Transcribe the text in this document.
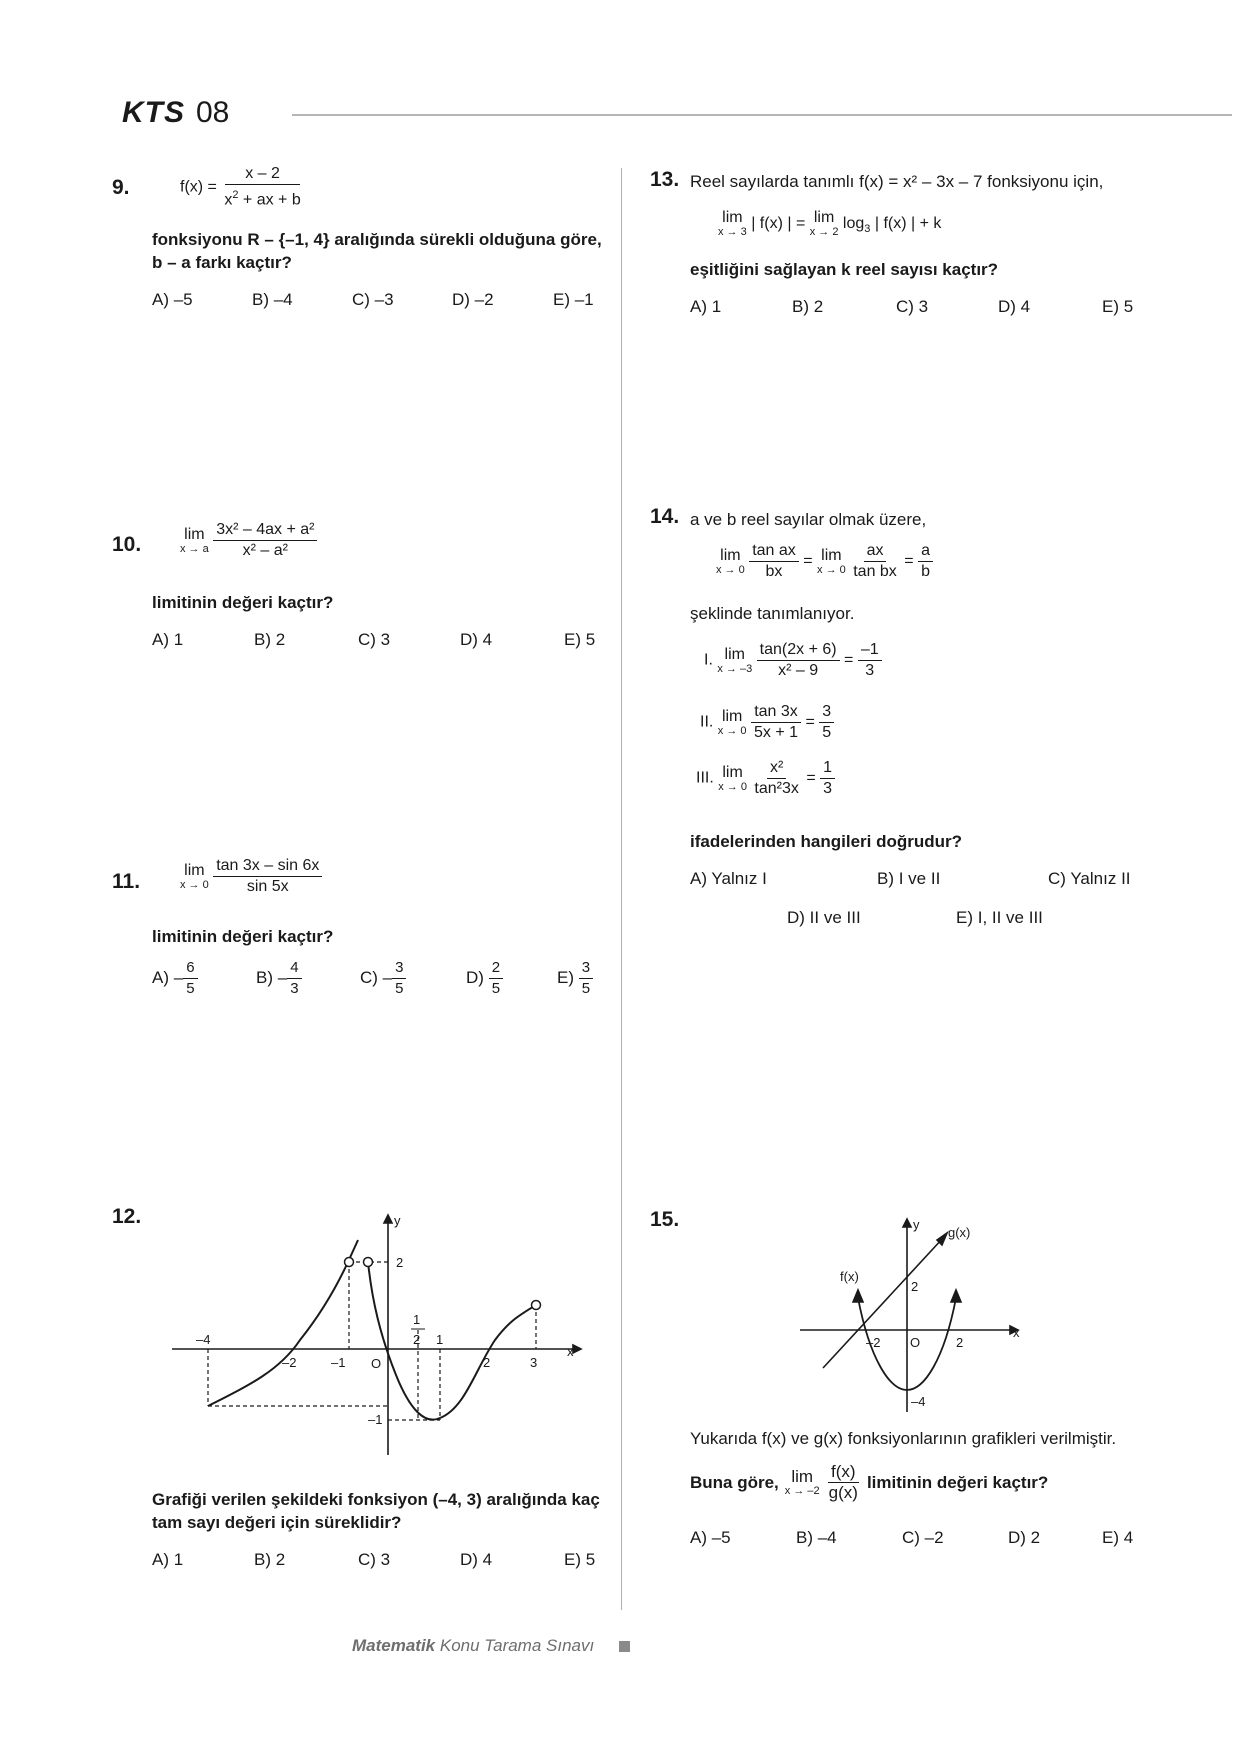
KTS 08
9.	$f(x) = \frac{x - 2}{x^2 + ax + b}$
fonksiyonu R – {–1, 4} aralığında sürekli olduğuna göre,
b – a farkı kaçtır?
A) –5	B) –4	C) –3	D) –2	E) –1
10.	lim
x → a
$\frac{\text{3x² – 4ax + a²}}{\text{x² – a²}}$
limitinin değeri kaçtır?
A) 1	B) 2	C) 3	D) 4	E) 5
11.	lim
x → 0
$\frac{\tan 3x - \sin 6x}{\sin 5x}$
limitinin değeri kaçtır?
$A) - \frac{6}{5}$	$B) - \frac{4}{3}$	$C) - \frac{3}{5}$	$D) \frac{2}{5}$	$E) \frac{3}{5}$
12.	y
x
–4
–2	–1 O
1
2 1
2	3
2
–1
Grafiği verilen şekildeki fonksiyon (–4, 3) aralığında kaç
tam sayı değeri için süreklidir?
A) 1	B) 2	C) 3	D) 4	E) 5
13. Reel sayılarda tanımlı f(x) = x² – 3x – 7 fonksiyonu için,
lim
x → 3 | f(x) | = lim
x → 2 $\log_3$ | f(x) | + k
eşitliğini sağlayan k reel sayısı kaçtır?
A) 1	B) 2	C) 3	D) 4	E) 5
14. a ve b reel sayılar olmak üzere,
lim
x → 0
$\frac{\text{tan ax}}{bx} = \lim$
x → 0
$\frac{ax}{\text{tan bx}} = \frac{a}{b}$
şeklinde tanımlanıyor.
I. lim
x → –3
$\frac{\tan(2x + 6)}{\text{x² – 9}} = \frac{-1}{3}$
II. lim
x → 0
$\frac{\tan 3x}{5x + 1} = \frac{3}{5}$
III. lim
x → 0
$\frac{\text{x²}}{\text{tan²3x}} = \frac{1}{3}$
ifadelerinden hangileri doğrudur?
A) Yalnız I	B) I ve II	C) Yalnız II
D) II ve III	E) I, II ve III
15.	y
x
g(x)
f(x)
–2 O	2
2
–4
Yukarıda f(x) ve g(x) fonksiyonlarının grafikleri verilmiştir.
Buna göre, lim
$x \to -2 \frac{f(x)}{g(x)}$ limitinin değeri kaçtır?
A) –5	B) –4	C) –2	D) 2	E) 4
Matematik Konu Tarama Sınavı
